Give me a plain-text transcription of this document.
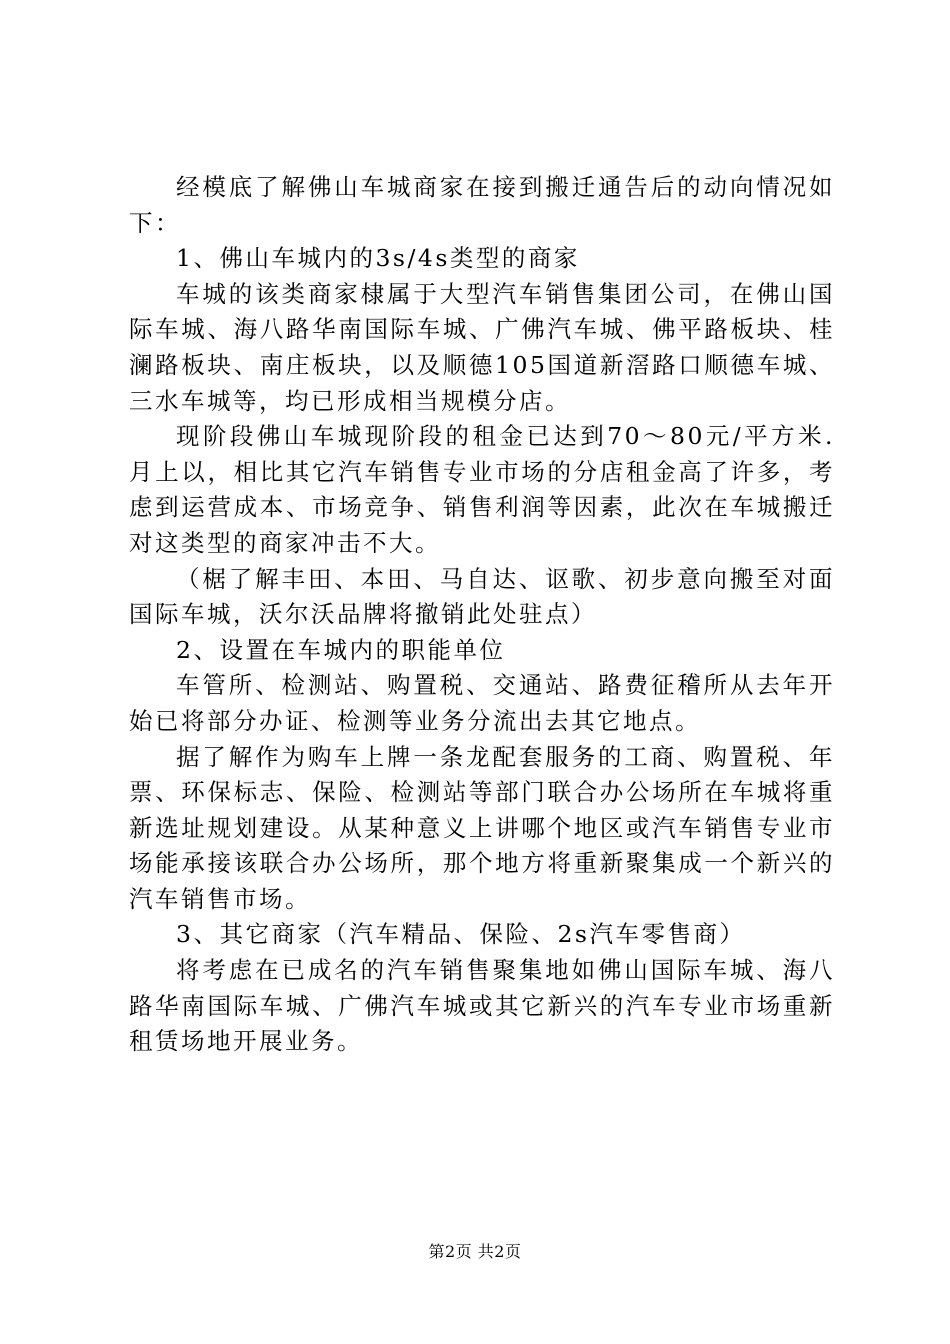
经模底了解佛山车城商家在接到搬迁通告后的动向情况如下：

1、佛山车城内的3s/4s类型的商家

车城的该类商家棣属于大型汽车销售集团公司，在佛山国际车城、海八路华南国际车城、广佛汽车城、佛平路板块、桂澜路板块、南庄板块，以及顺德105国道新滘路口顺德车城、三水车城等，均已形成相当规模分店。

现阶段佛山车城现阶段的租金已达到70～80元/平方米.月上以，相比其它汽车销售专业市场的分店租金高了许多，考虑到运营成本、市场竞争、销售利润等因素，此次在车城搬迁对这类型的商家冲击不大。

（椐了解丰田、本田、马自达、讴歌、初步意向搬至对面国际车城，沃尔沃品牌将撤销此处驻点）

2、设置在车城内的职能单位

车管所、检测站、购置税、交通站、路费征稽所从去年开始已将部分办证、检测等业务分流出去其它地点。

据了解作为购车上牌一条龙配套服务的工商、购置税、年票、环保标志、保险、检测站等部门联合办公场所在车城将重新选址规划建设。从某种意义上讲哪个地区或汽车销售专业市场能承接该联合办公场所，那个地方将重新聚集成一个新兴的汽车销售市场。

3、其它商家（汽车精品、保险、2s汽车零售商）

将考虑在已成名的汽车销售聚集地如佛山国际车城、海八路华南国际车城、广佛汽车城或其它新兴的汽车专业市场重新租赁场地开展业务。

第2页 共2页
